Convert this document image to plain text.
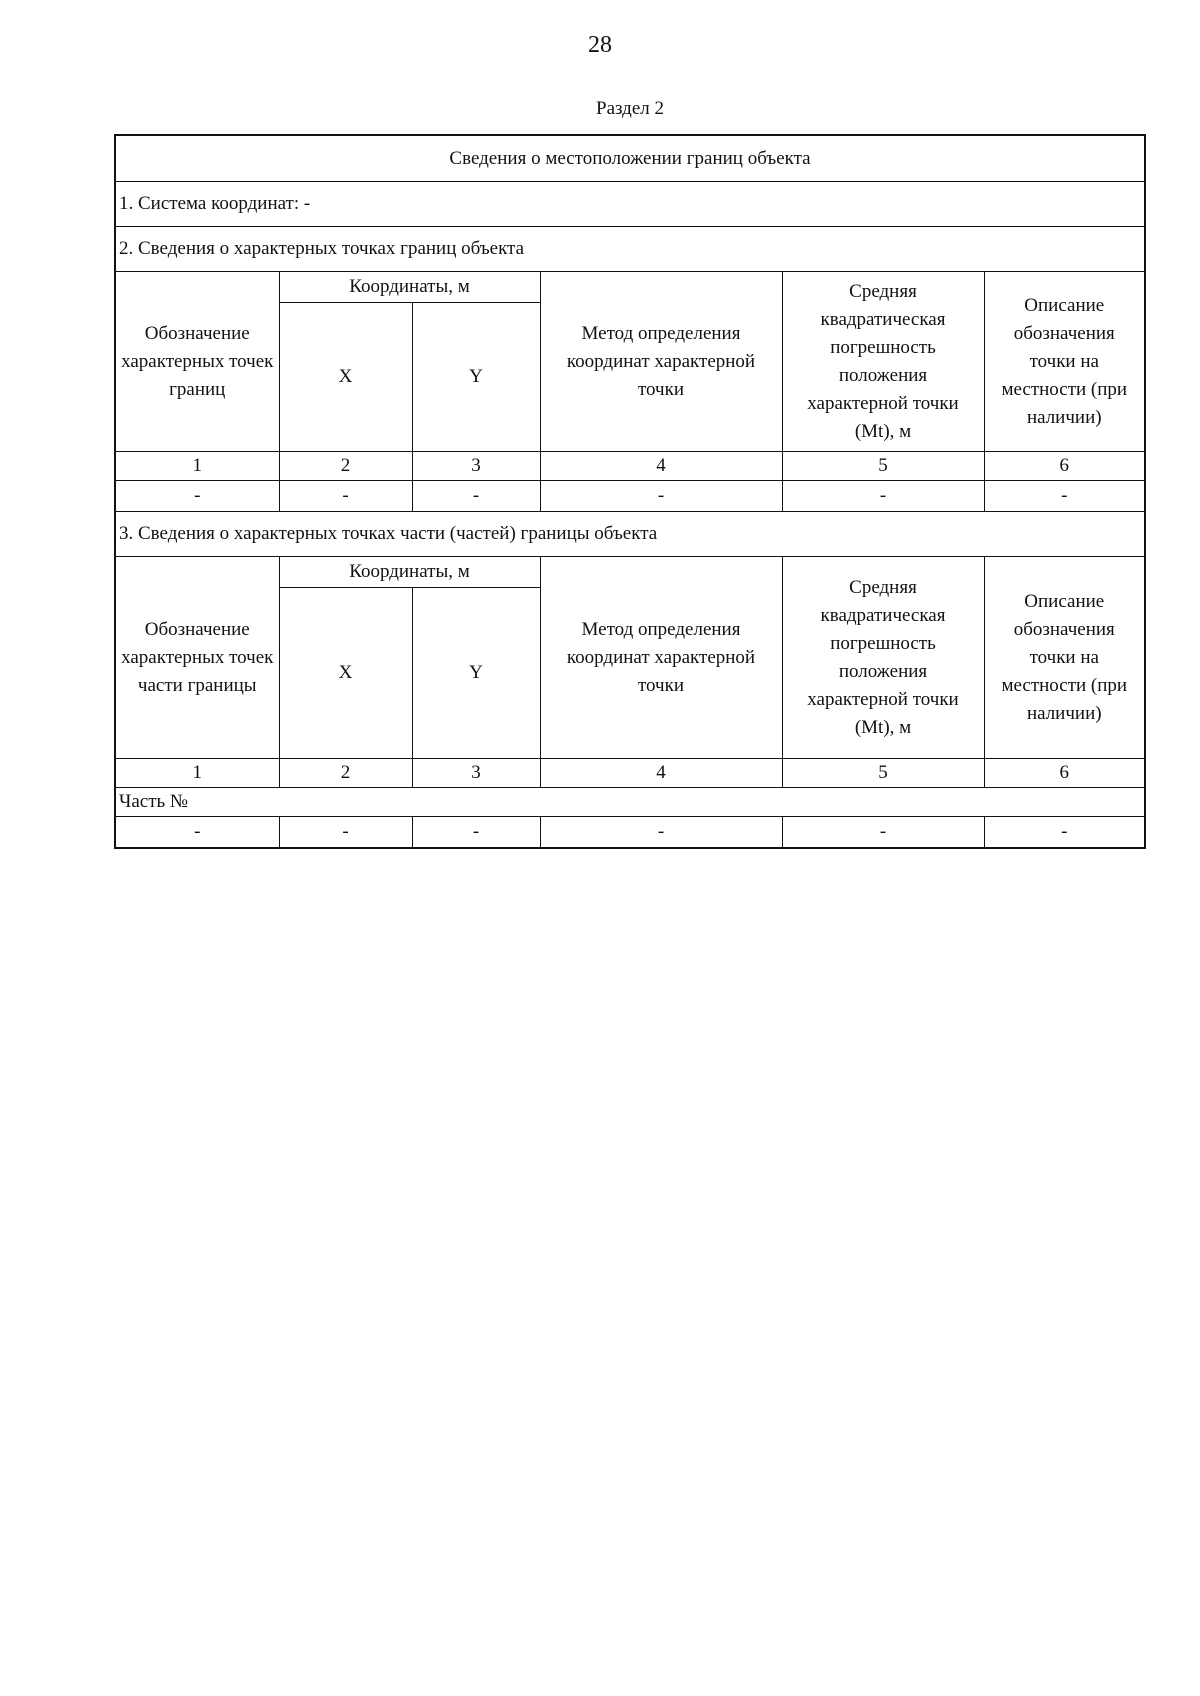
28
Раздел 2
Сведения о местоположении границ объекта					
1. Система координат: -					
2. Сведения о характерных точках границ объекта					
Обозначение характерных точек границ	Координаты, м		Метод определения координат характерной точки	Средняя квадратическая погрешность положения характерной точки (Mt), м	Описание обозначения точки на местности (при наличии)
	X	Y			
1	2	3	4	5	6
-	-	-	-	-	-
3. Сведения о характерных точках части (частей) границы объекта					
Обозначение характерных точек части границы	Координаты, м		Метод определения координат характерной точки	Средняя квадратическая погрешность положения характерной точки (Mt), м	Описание обозначения точки на местности (при наличии)
	X	Y			
1	2	3	4	5	6
Часть №					
-	-	-	-	-	-
